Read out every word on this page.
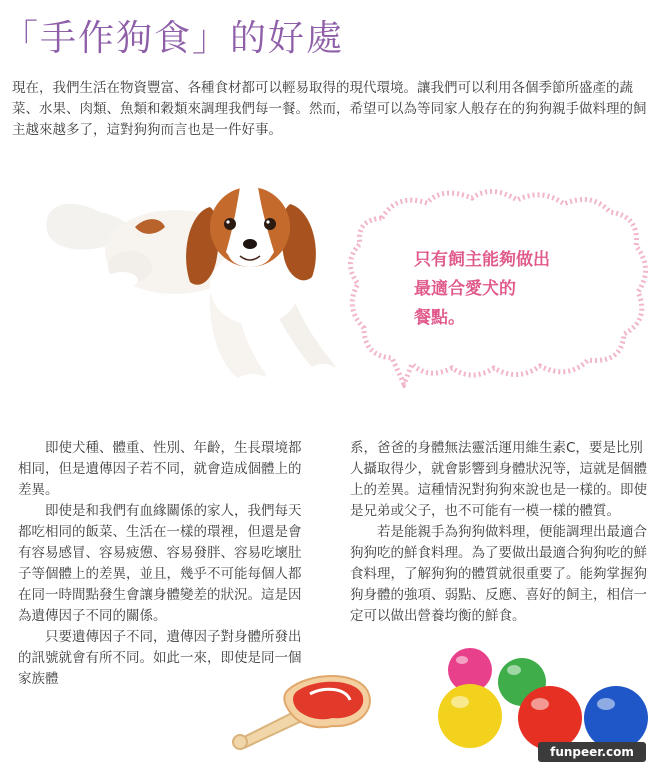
「手作狗食」的好處

現在，我們生活在物資豐富、各種食材都可以輕易取得的現代環境。讓我們可以利用各個季節所盛產的蔬菜、水果、肉類、魚類和穀類來調理我們每一餐。然而，希望可以為等同家人般存在的狗狗親手做料理的飼主越來越多了，這對狗狗而言也是一件好事。

只有飼主能夠做出
最適合愛犬的
餐點。

即使犬種、體重、性別、年齡，生長環境都相同，但是遺傳因子若不同，就會造成個體上的差異。

即使是和我們有血緣關係的家人，我們每天都吃相同的飯菜、生活在一樣的環裡，但還是會有容易感冒、容易疲憊、容易發胖、容易吃壞肚子等個體上的差異，並且，幾乎不可能每個人都在同一時間點發生會讓身體變差的狀況。這是因為遺傳因子不同的關係。

只要遺傳因子不同，遺傳因子對身體所發出的訊號就會有所不同。如此一來，即使是同一個家族體

系，爸爸的身體無法靈活運用維生素C，要是比別人攝取得少，就會影響到身體狀況等，這就是個體上的差異。這種情況對狗狗來說也是一樣的。即使是兄弟或父子，也不可能有一模一樣的體質。

若是能親手為狗狗做料理，便能調理出最適合狗狗吃的鮮食料理。為了要做出最適合狗狗吃的鮮食料理，了解狗狗的體質就很重要了。能夠掌握狗狗身體的強項、弱點、反應、喜好的飼主，相信一定可以做出營養均衡的鮮食。

funpeer.com
